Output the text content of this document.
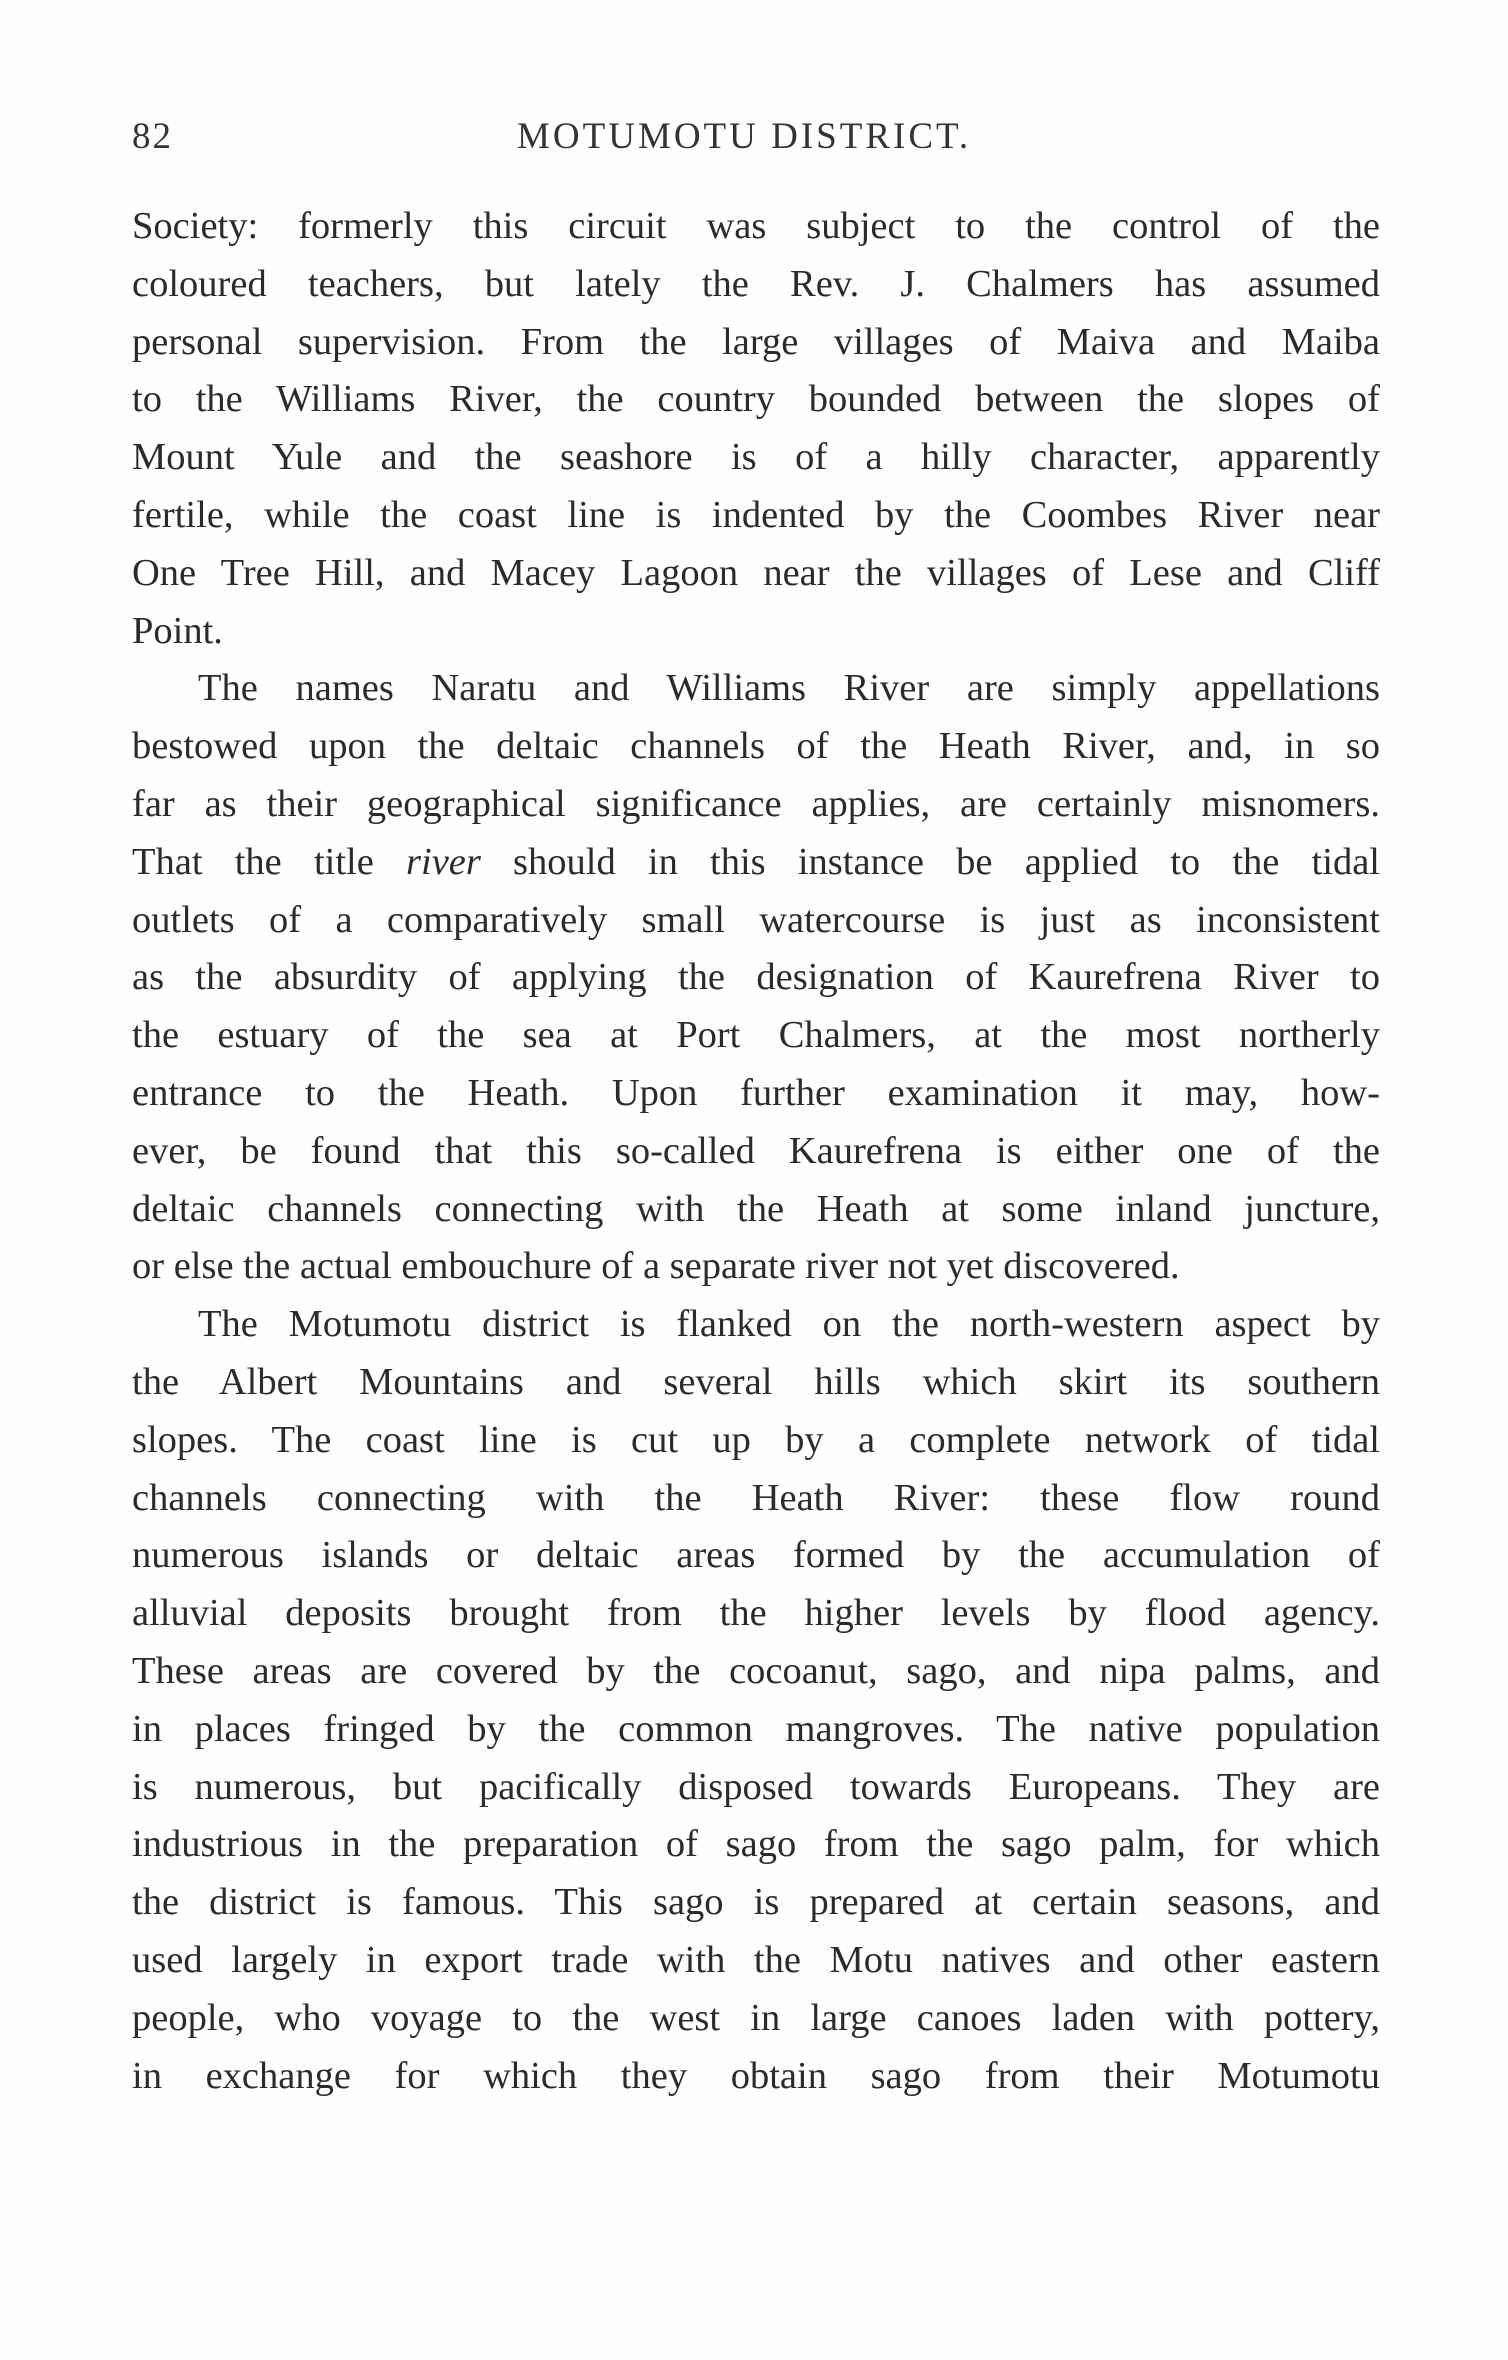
82	MOTUMOTU DISTRICT.
Society: formerly this circuit was subject to the control of the
coloured teachers, but lately the Rev. J. Chalmers has assumed
personal supervision. From the large villages of Maiva and Maiba
to the Williams River, the country bounded between the slopes of
Mount Yule and the seashore is of a hilly character, apparently
fertile, while the coast line is indented by the Coombes River near
One Tree Hill, and Macey Lagoon near the villages of Lese and Cliff
Point.
The names Naratu and Williams River are simply appellations
bestowed upon the deltaic channels of the Heath River, and, in so
far as their geographical significance applies, are certainly misnomers.
That the title river should in this instance be applied to the tidal
outlets of a comparatively small watercourse is just as inconsistent
as the absurdity of applying the designation of Kaurefrena River to
the estuary of the sea at Port Chalmers, at the most northerly
entrance to the Heath. Upon further examination it may, how-
ever, be found that this so-called Kaurefrena is either one of the
deltaic channels connecting with the Heath at some inland juncture,
or else the actual embouchure of a separate river not yet discovered.
The Motumotu district is flanked on the north-western aspect by
the Albert Mountains and several hills which skirt its southern
slopes. The coast line is cut up by a complete network of tidal
channels connecting with the Heath River: these flow round
numerous islands or deltaic areas formed by the accumulation of
alluvial deposits brought from the higher levels by flood agency.
These areas are covered by the cocoanut, sago, and nipa palms, and
in places fringed by the common mangroves. The native population
is numerous, but pacifically disposed towards Europeans. They are
industrious in the preparation of sago from the sago palm, for which
the district is famous. This sago is prepared at certain seasons, and
used largely in export trade with the Motu natives and other eastern
people, who voyage to the west in large canoes laden with pottery,
in exchange for which they obtain sago from their Motumotu
